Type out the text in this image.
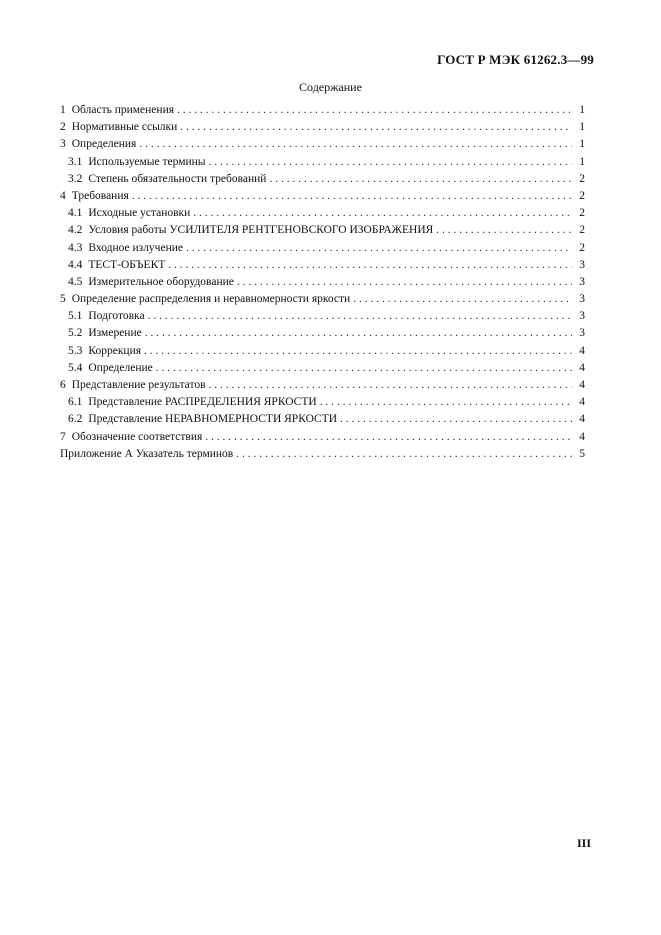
ГОСТ Р МЭК 61262.3—99
Содержание
1 Область применения . . .	1
2 Нормативные ссылки . . .	1
3 Определения . . .	1
3.1 Используемые термины . . .	1
3.2 Степень обязательности требований . . .	2
4 Требования . . .	2
4.1 Исходные установки . . .	2
4.2 Условия работы УСИЛИТЕЛЯ РЕНТГЕНОВСКОГО ИЗОБРАЖЕНИЯ . . .	2
4.3 Входное излучение . . .	2
4.4 ТЕСТ-ОБЪЕКТ . . .	3
4.5 Измерительное оборудование . . .	3
5 Определение распределения и неравномерности яркости . . .	3
5.1 Подготовка . . .	3
5.2 Измерение . . .	3
5.3 Коррекция . . .	4
5.4 Определение . . .	4
6 Представление результатов . . .	4
6.1 Представление РАСПРЕДЕЛЕНИЯ ЯРКОСТИ . . .	4
6.2 Представление НЕРАВНОМЕРНОСТИ ЯРКОСТИ . . .	4
7 Обозначение соответствия . . .	4
Приложение А Указатель терминов . . .	5
III
